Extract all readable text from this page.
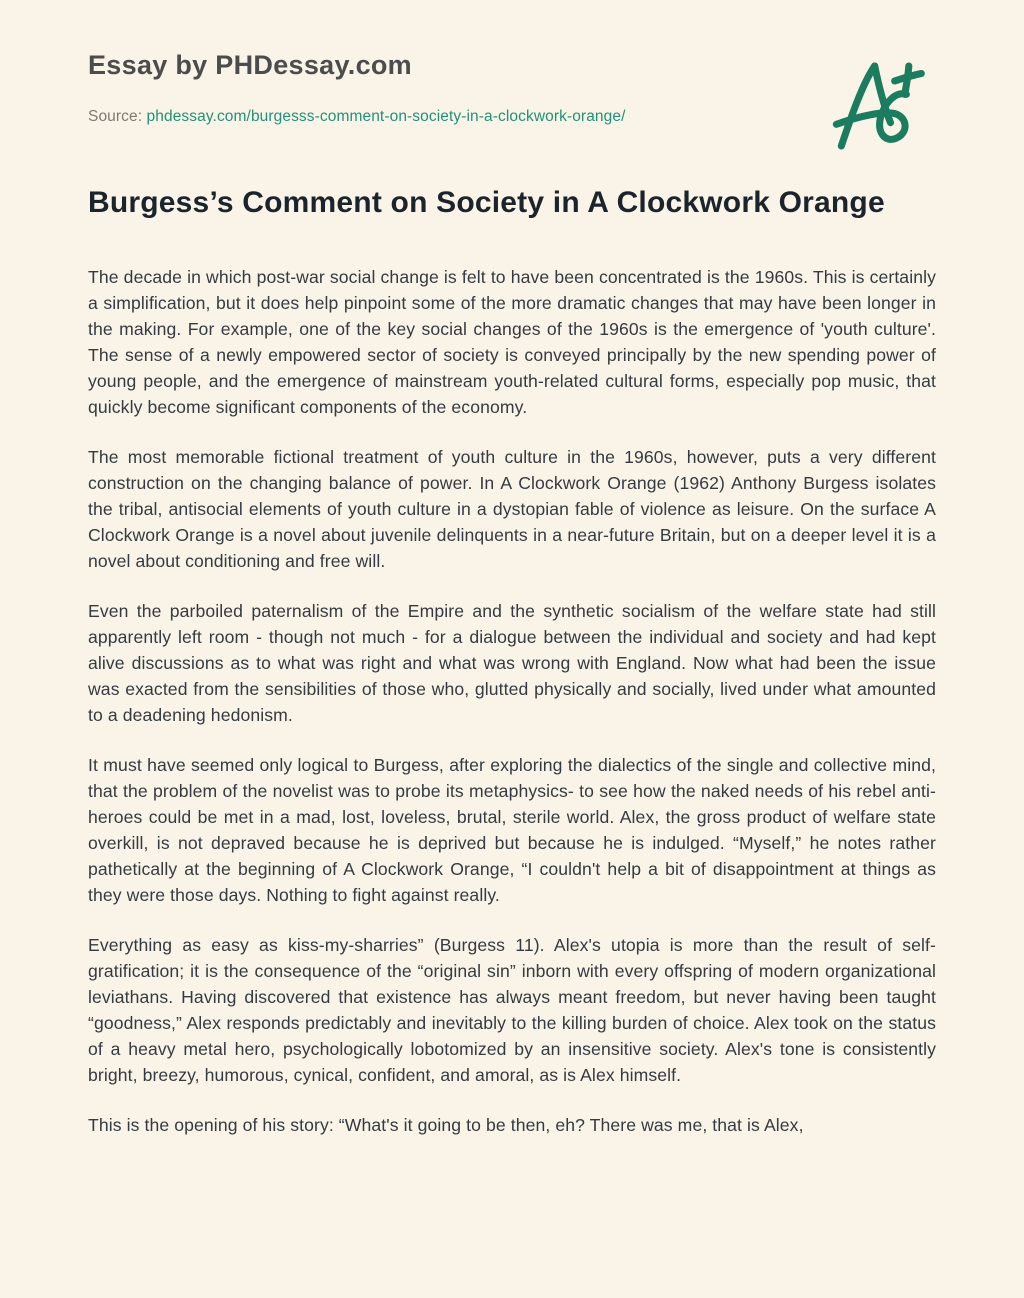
Essay by PHDessay.com
Source: phdessay.com/burgesss-comment-on-society-in-a-clockwork-orange/
Burgess’s Comment on Society in A Clockwork Orange

The decade in which post-war social change is felt to have been concentrated is the 1960s. This is certainly a simplification, but it does help pinpoint some of the more dramatic changes that may have been longer in the making. For example, one of the key social changes of the 1960s is the emergence of 'youth culture'. The sense of a newly empowered sector of society is conveyed principally by the new spending power of young people, and the emergence of mainstream youth-related cultural forms, especially pop music, that quickly become significant components of the economy.

The most memorable fictional treatment of youth culture in the 1960s, however, puts a very different construction on the changing balance of power. In A Clockwork Orange (1962) Anthony Burgess isolates the tribal, antisocial elements of youth culture in a dystopian fable of violence as leisure. On the surface A Clockwork Orange is a novel about juvenile delinquents in a near-future Britain, but on a deeper level it is a novel about conditioning and free will.

Even the parboiled paternalism of the Empire and the synthetic socialism of the welfare state had still apparently left room - though not much - for a dialogue between the individual and society and had kept alive discussions as to what was right and what was wrong with England. Now what had been the issue was exacted from the sensibilities of those who, glutted physically and socially, lived under what amounted to a deadening hedonism.

It must have seemed only logical to Burgess, after exploring the dialectics of the single and collective mind, that the problem of the novelist was to probe its metaphysics- to see how the naked needs of his rebel anti-heroes could be met in a mad, lost, loveless, brutal, sterile world. Alex, the gross product of welfare state overkill, is not depraved because he is deprived but because he is indulged. “Myself,” he notes rather pathetically at the beginning of A Clockwork Orange, “I couldn't help a bit of disappointment at things as they were those days. Nothing to fight against really.

Everything as easy as kiss-my-sharries” (Burgess 11). Alex's utopia is more than the result of self-gratification; it is the consequence of the “original sin” inborn with every offspring of modern organizational leviathans. Having discovered that existence has always meant freedom, but never having been taught “goodness,” Alex responds predictably and inevitably to the killing burden of choice. Alex took on the status of a heavy metal hero, psychologically lobotomized by an insensitive society. Alex's tone is consistently bright, breezy, humorous, cynical, confident, and amoral, as is Alex himself.

This is the opening of his story: “What's it going to be then, eh? There was me, that is Alex,
